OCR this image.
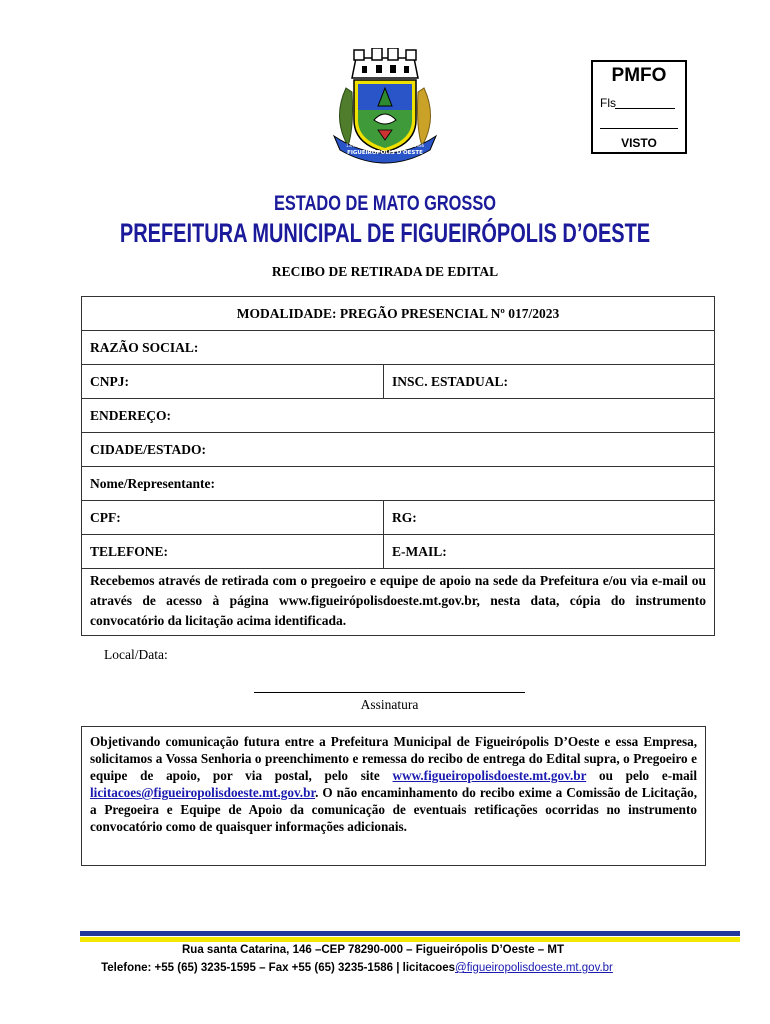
FIGUEIRÓPOLIS D'OESTE
13/05	1986
PMFO
Fls
VISTO
ESTADO DE MATO GROSSO
PREFEITURA MUNICIPAL DE FIGUEIRÓPOLIS D’OESTE
RECIBO DE RETIRADA DE EDITAL
MODALIDADE: PREGÃO PRESENCIAL Nº 017/2023	
RAZÃO SOCIAL:	
CNPJ:	INSC. ESTADUAL:
ENDEREÇO:	
CIDADE/ESTADO:	
Nome/Representante:	
CPF:	RG:
TELEFONE:	E-MAIL:
Recebemos através de retirada com o pregoeiro e equipe de apoio na sede da Prefeitura e/ou via e-mail ou através de acesso à página www.figueirópolisdoeste.mt.gov.br, nesta data, cópia do instrumento convocatório da licitação acima identificada.	
Local/Data:
Assinatura
Objetivando comunicação futura entre a Prefeitura Municipal de Figueirópolis D’Oeste e essa Empresa, solicitamos a Vossa Senhoria o preenchimento e remessa do recibo de entrega do Edital supra, o Pregoeiro e equipe de apoio, por via postal, pelo site www.figueiropolisdoeste.mt.gov.br ou pelo e-mail licitacoes@figueiropolisdoeste.mt.gov.br. O não encaminhamento do recibo exime a Comissão de Licitação, a Pregoeira e Equipe de Apoio da comunicação de eventuais retificações ocorridas no instrumento convocatório como de quaisquer informações adicionais.
Rua santa Catarina, 146 –CEP 78290-000 – Figueirópolis D’Oeste – MT
Telefone: +55 (65) 3235-1595 – Fax +55 (65) 3235-1586 | licitacoes@figueiropolisdoeste.mt.gov.br
